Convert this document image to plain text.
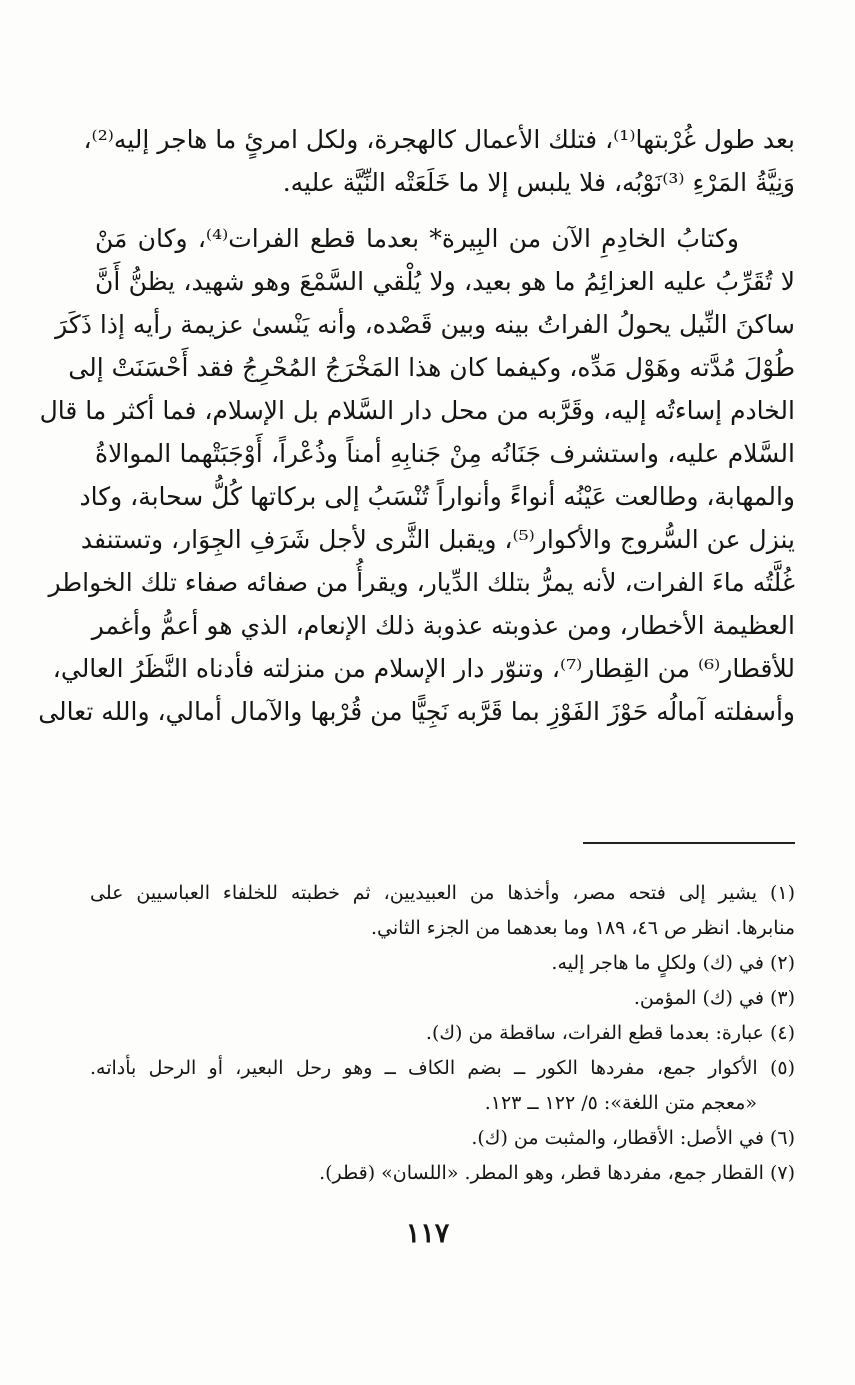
بعد طول غُرْبتها⁽¹⁾، فتلك الأعمال كالهجرة، ولكل امرئٍ ما هاجر إليه⁽²⁾،
وَنِيَّةُ المَرْءِ ⁽³⁾نَوْبُه، فلا يلبس إلا ما خَلَعَتْه النِّيَّة عليه.
وكتابُ الخادِمِ الآن من البِيرة* بعدما قطع الفرات⁽⁴⁾، وكان مَنْ
لا تُقَرِّبُ عليه العزائِمُ ما هو بعيد، ولا يُلْقي السَّمْعَ وهو شهيد، يظنُّ أَنَّ
ساكنَ النِّيل يحولُ الفراتُ بينه وبين قَصْده، وأنه يَنْسىٰ عزيمة رأيه إذا ذَكَرَ
طُوْلَ مُدَّته وهَوْل مَدِّه، وكيفما كان هذا المَخْرَجُ المُحْرِجُ فقد أَحْسَنَتْ إلى
الخادم إساءتُه إليه، وقَرَّبه من محل دار السَّلام بل الإسلام، فما أكثر ما قال
السَّلام عليه، واستشرف جَنَانُه مِنْ جَنابِهِ أمناً وذُعْراً، أَوْجَبَتْهما الموالاةُ
والمهابة، وطالعت عَيْنُه أنواءً وأنواراً تُنْسَبُ إلى بركاتها كُلُّ سحابة، وكاد
ينزل عن السُّروج والأكوار⁽⁵⁾، ويقبل الثَّرى لأجل شَرَفِ الجِوَار، وتستنفد
غُلَّتُه ماءَ الفرات، لأنه يمرُّ بتلك الدِّيار، ويقرأُ من صفائه صفاء تلك الخواطر
العظيمة الأخطار، ومن عذوبته عذوبة ذلك الإنعام، الذي هو أعمُّ وأغمر
للأقطار⁽⁶⁾ من القِطار⁽⁷⁾، وتنوّر دار الإسلام من منزلته فأدناه النَّظَرُ العالي،
وأسفلته آمالُه حَوْزَ الفَوْزِ بما قَرَّبه نَجِيًّا من قُرْبها والآمال أمالي، والله تعالى
(١) يشير إلى فتحه مصر، وأخذها من العبيديين، ثم خطبته للخلفاء العباسيين على
منابرها. انظر ص ٤٦، ١٨٩ وما بعدهما من الجزء الثاني.
(٢) في (ك) ولكلٍ ما هاجر إليه.
(٣) في (ك) المؤمن.
(٤) عبارة: بعدما قطع الفرات، ساقطة من (ك).
(٥) الأكوار جمع، مفردها الكور ــ بضم الكاف ــ وهو رحل البعير، أو الرحل بأداته.
«معجم متن اللغة»: ٥/ ١٢٢ ــ ١٢٣.
(٦) في الأصل: الأقطار، والمثبت من (ك).
(٧) القطار جمع، مفردها قطر، وهو المطر. «اللسان» (قطر).
١١٧
